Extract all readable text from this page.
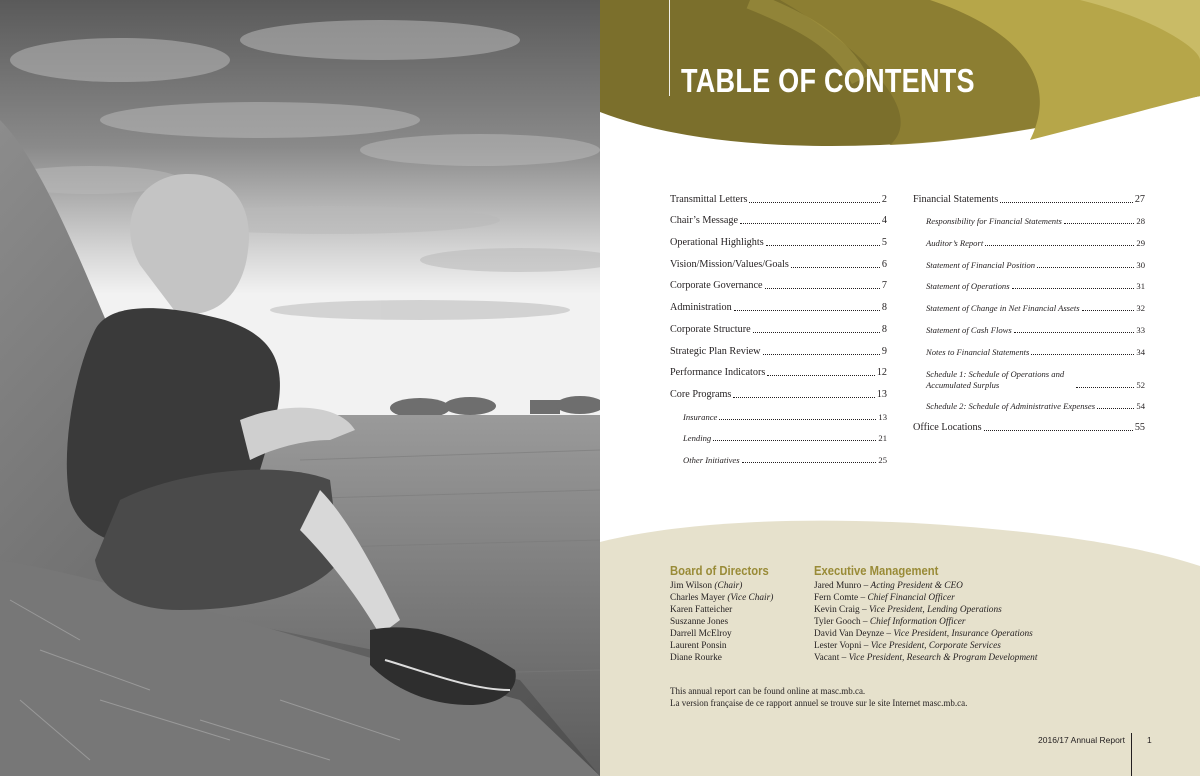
TABLE OF CONTENTS
Transmittal Letters	2
Chair’s Message	4
Operational Highlights	5
Vision/Mission/Values/Goals	6
Corporate Governance	7
Administration	8
Corporate Structure	8
Strategic Plan Review	9
Performance Indicators	12
Core Programs	13
Insurance	13
Lending	21
Other Initiatives	25
Financial Statements	27
Responsibility for Financial Statements	28
Auditor’s Report	29
Statement of Financial Position	30
Statement of Operations	31
Statement of Change in Net Financial Assets	32
Statement of Cash Flows	33
Notes to Financial Statements	34
Schedule 1: Schedule of Operations and Accumulated Surplus	52
Schedule 2: Schedule of Administrative Expenses	54
Office Locations	55
Board of Directors
Jim Wilson (Chair)
Charles Mayer (Vice Chair)
Karen Fatteicher
Suszanne Jones
Darrell McElroy
Laurent Ponsin
Diane Rourke
Executive Management
Jared Munro – Acting President & CEO
Fern Comte – Chief Financial Officer
Kevin Craig – Vice President, Lending Operations
Tyler Gooch – Chief Information Officer
David Van Deynze – Vice President, Insurance Operations
Lester Vopni – Vice President, Corporate Services
Vacant – Vice President, Research & Program Development
This annual report can be found online at masc.mb.ca.
La version française de ce rapport annuel se trouve sur le site Internet masc.mb.ca.
2016/17 Annual Report	1
